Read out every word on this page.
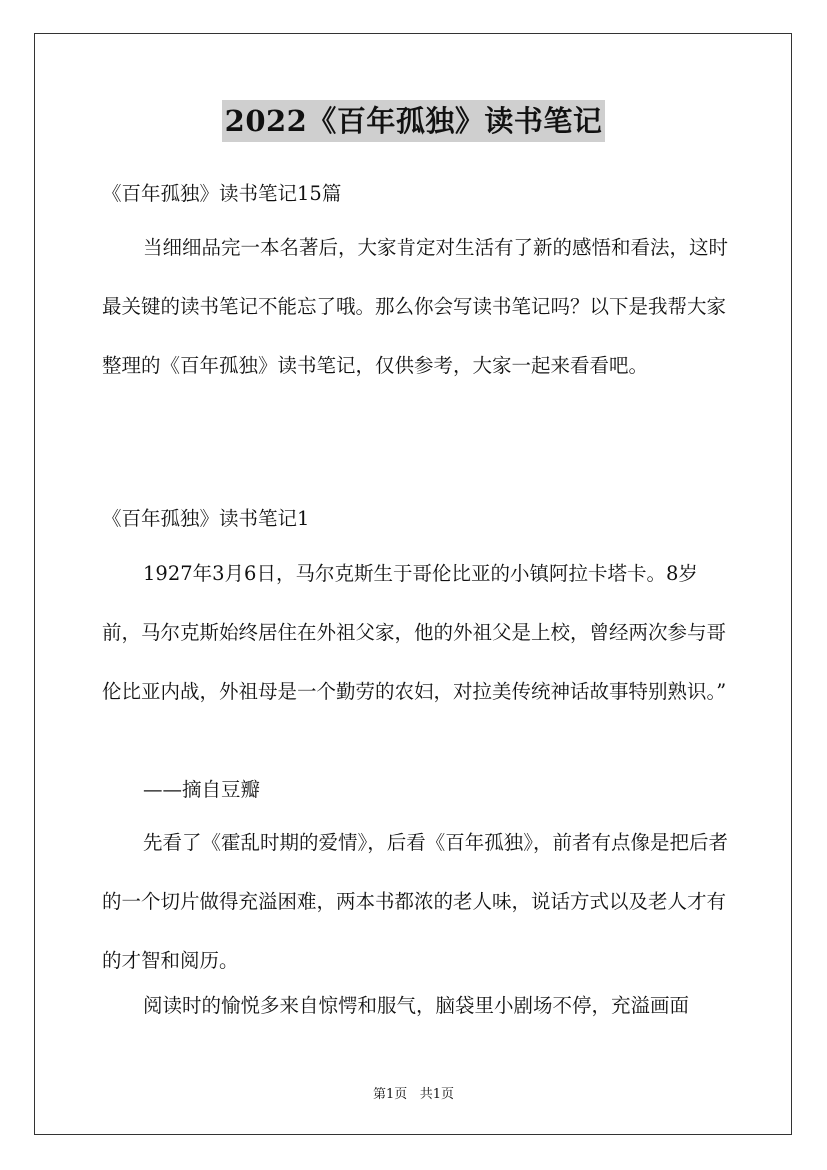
2022《百年孤独》读书笔记

《百年孤独》读书笔记15篇

当细细品完一本名著后，大家肯定对生活有了新的感悟和看法，这时最关键的读书笔记不能忘了哦。那么你会写读书笔记吗？以下是我帮大家整理的《百年孤独》读书笔记，仅供参考，大家一起来看看吧。

《百年孤独》读书笔记1

1927年3月6日，马尔克斯生于哥伦比亚的小镇阿拉卡塔卡。8岁前，马尔克斯始终居住在外祖父家，他的外祖父是上校，曾经两次参与哥伦比亚内战，外祖母是一个勤劳的农妇，对拉美传统神话故事特别熟识。”

——摘自豆瓣

先看了《霍乱时期的爱情》，后看《百年孤独》，前者有点像是把后者的一个切片做得充溢困难，两本书都浓的老人味，说话方式以及老人才有的才智和阅历。

阅读时的愉悦多来自惊愕和服气，脑袋里小剧场不停，充溢画面

第1页 共1页
